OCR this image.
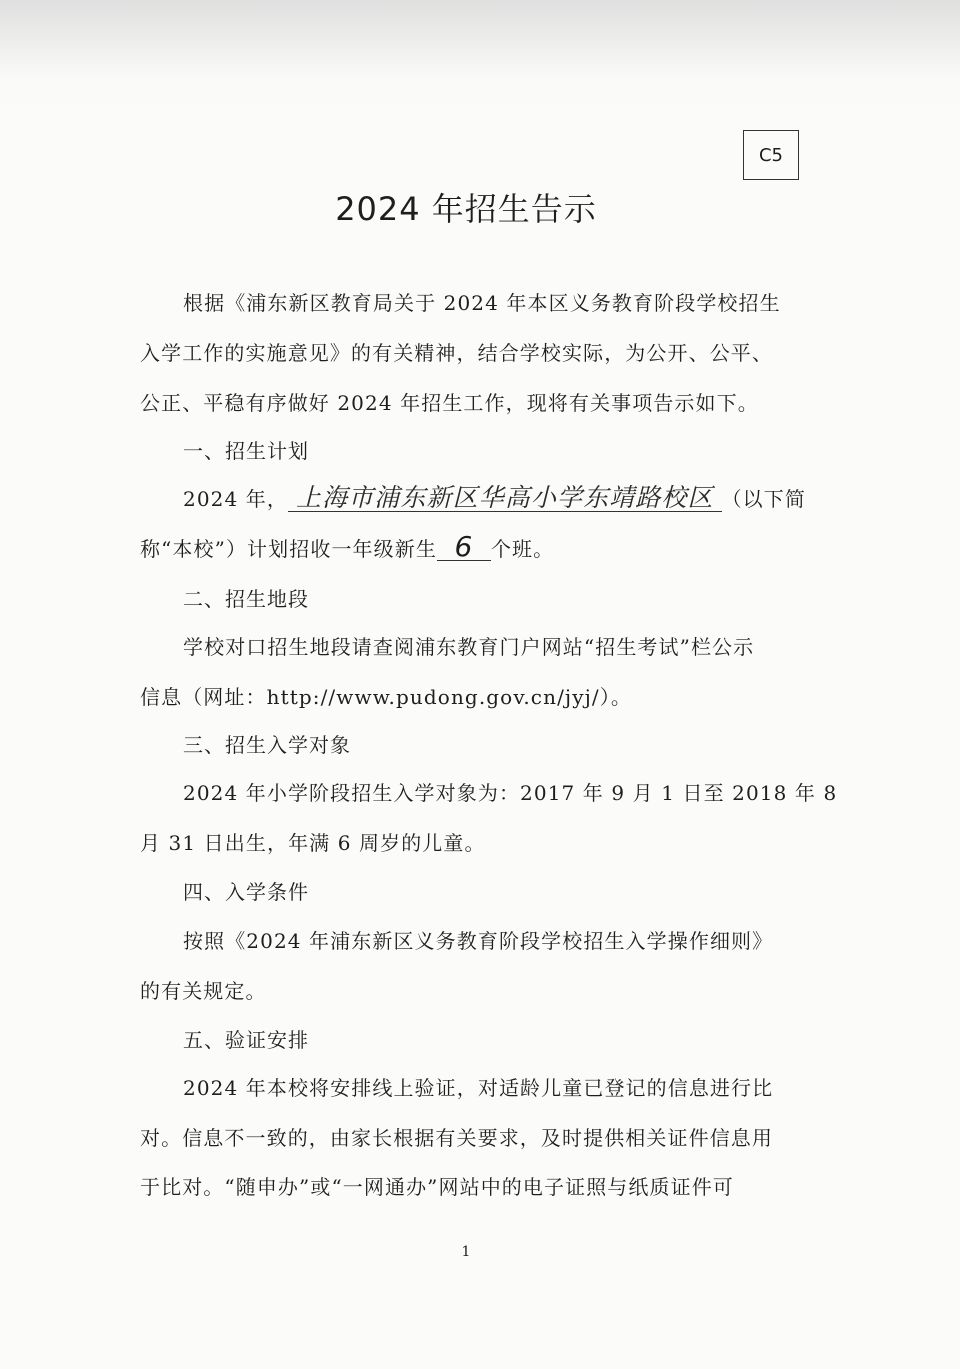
C5
2024 年招生告示
根据《浦东新区教育局关于 2024 年本区义务教育阶段学校招生
入学工作的实施意见》的有关精神，结合学校实际，为公开、公平、
公正、平稳有序做好 2024 年招生工作，现将有关事项告示如下。
一、招生计划
2024 年， 上海市浦东新区华高小学东靖路校区 （以下简
称“本校”）计划招收一年级新生 6 个班。
二、招生地段
学校对口招生地段请查阅浦东教育门户网站“招生考试”栏公示
信息（网址：http://www.pudong.gov.cn/jyj/）。
三、招生入学对象
2024 年小学阶段招生入学对象为：2017 年 9 月 1 日至 2018 年 8
月 31 日出生，年满 6 周岁的儿童。
四、入学条件
按照《2024 年浦东新区义务教育阶段学校招生入学操作细则》
的有关规定。
五、验证安排
2024 年本校将安排线上验证，对适龄儿童已登记的信息进行比
对。信息不一致的，由家长根据有关要求，及时提供相关证件信息用
于比对。“随申办”或“一网通办”网站中的电子证照与纸质证件可
1
